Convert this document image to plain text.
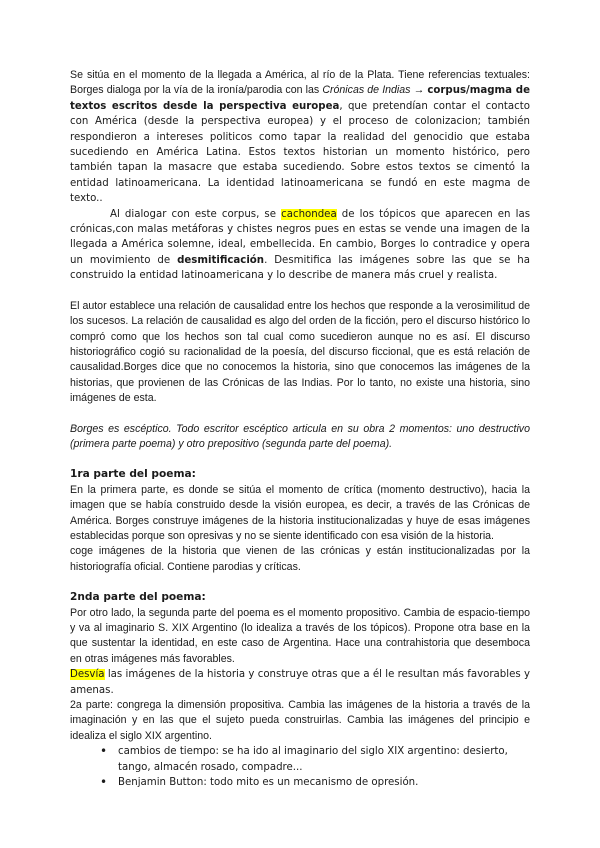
Se sitúa en el momento de la llegada a América, al río de la Plata. Tiene referencias textuales: Borges dialoga por la vía de la ironía/parodia con las Crónicas de Indias → corpus/magma de textos escritos desde la perspectiva europea, que pretendían contar el contacto con América (desde la perspectiva europea) y el proceso de colonizacion; también respondieron a intereses politicos como tapar la realidad del genocidio que estaba sucediendo en América Latina. Estos textos historian un momento histórico, pero también tapan la masacre que estaba sucediendo. Sobre estos textos se cimentó la entidad latinoamericana. La identidad latinoamericana se fundó en este magma de texto..

Al dialogar con este corpus, se cachondea de los tópicos que aparecen en las crónicas,con malas metáforas y chistes negros pues en estas se vende una imagen de la llegada a América solemne, ideal, embellecida. En cambio, Borges lo contradice y opera un movimiento de desmitificación. Desmitifica las imágenes sobre las que se ha construido la entidad latinoamericana y lo describe de manera más cruel y realista.

El autor establece una relación de causalidad entre los hechos que responde a la verosimilitud de los sucesos. La relación de causalidad es algo del orden de la ficción, pero el discurso histórico lo compró como que los hechos son tal cual como sucedieron aunque no es así. El discurso historiográfico cogió su racionalidad de la poesía, del discurso ficcional, que es está relación de causalidad.Borges dice que no conocemos la historia, sino que conocemos las imágenes de la historias, que provienen de las Crónicas de las Indias. Por lo tanto, no existe una historia, sino imágenes de esta.

Borges es escéptico. Todo escritor escéptico articula en su obra 2 momentos: uno destructivo (primera parte poema) y otro prepositivo (segunda parte del poema).

1ra parte del poema:

En la primera parte, es donde se sitúa el momento de crítica (momento destructivo), hacia la imagen que se había construido desde la visión europea, es decir, a través de las Crónicas de América. Borges construye imágenes de la historia institucionalizadas y huye de esas imágenes establecidas porque son opresivas y no se siente identificado con esa visión de la historia.

coge imágenes de la historia que vienen de las crónicas y están institucionalizadas por la historiografía oficial. Contiene parodias y críticas.

2nda parte del poema:

Por otro lado, la segunda parte del poema es el momento propositivo. Cambia de espacio-tiempo y va al imaginario S. XIX Argentino (lo idealiza a través de los tópicos). Propone otra base en la que sustentar la identidad, en este caso de Argentina. Hace una contrahistoria que desemboca en otras imágenes más favorables.

Desvía las imágenes de la historia y construye otras que a él le resultan más favorables y amenas.

2a parte: congrega la dimensión propositiva. Cambia las imágenes de la historia a través de la imaginación y en las que el sujeto pueda construirlas. Cambia las imágenes del principio e idealiza el siglo XIX argentino.

• cambios de tiempo: se ha ido al imaginario del siglo XIX argentino: desierto, tango, almacén rosado, compadre...
• Benjamin Button: todo mito es un mecanismo de opresión.
